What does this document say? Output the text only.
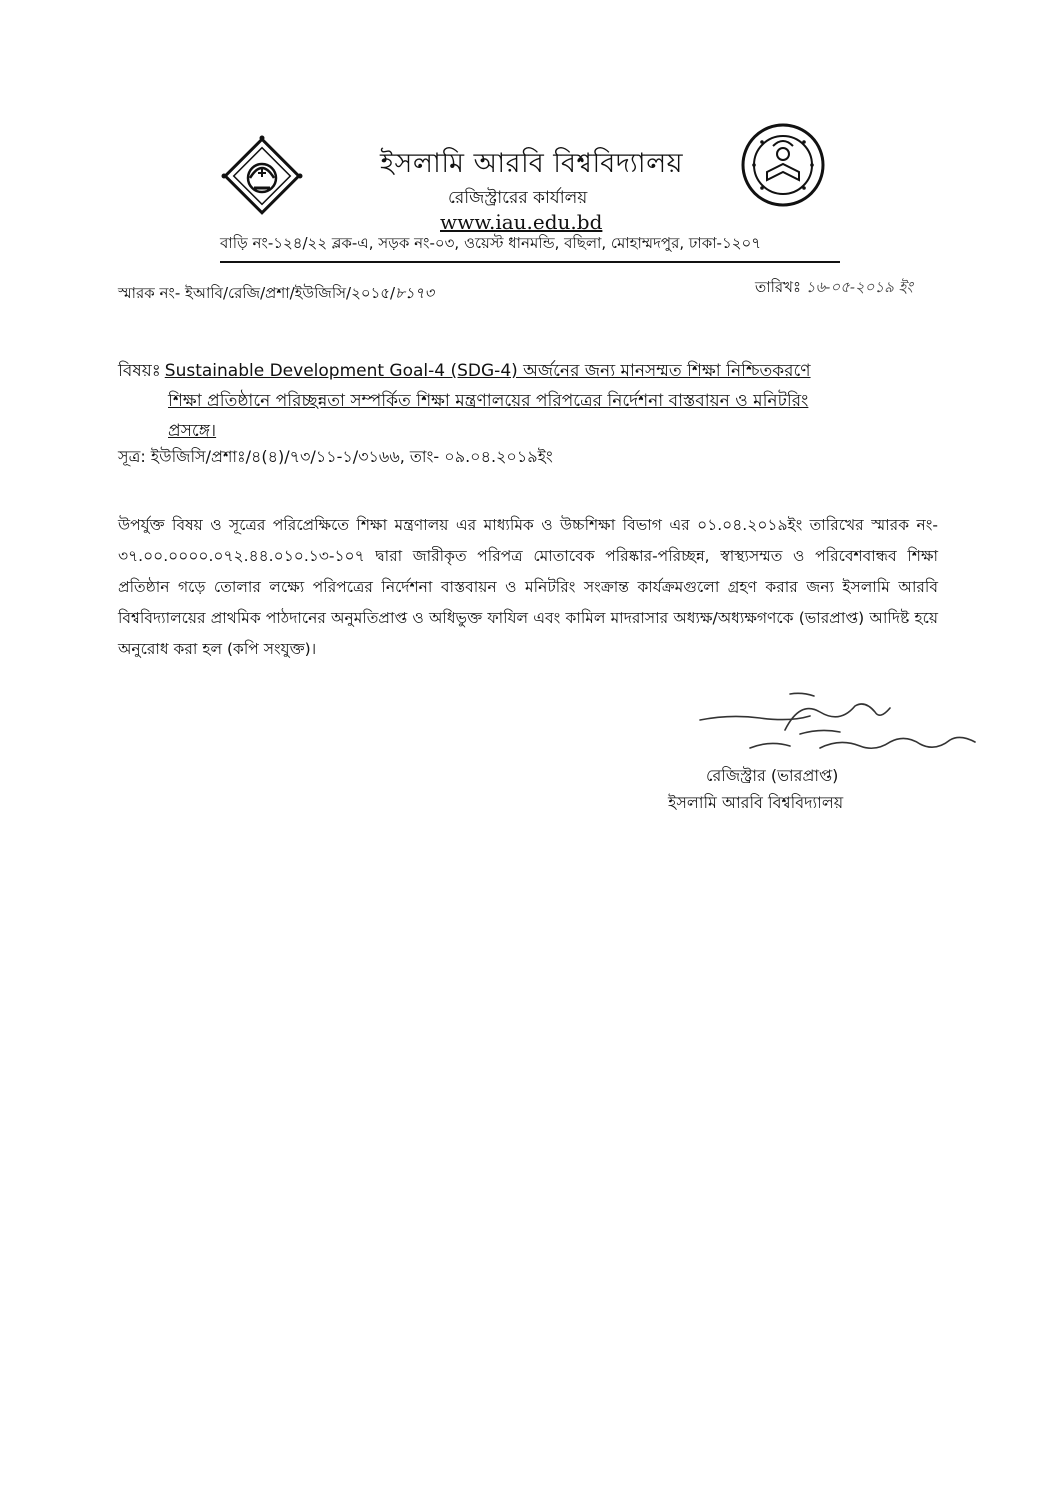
ইসলামি আরবি বিশ্ববিদ্যালয়
রেজিস্ট্রারের কার্যালয়
www.iau.edu.bd
বাড়ি নং-১২৪/২২ ব্লক-এ, সড়ক নং-০৩, ওয়েস্ট ধানমন্ডি, বছিলা, মোহাম্মদপুর, ঢাকা-১২০৭
স্মারক নং- ইআবি/রেজি/প্রশা/ইউজিসি/২০১৫/৮১৭৩	তারিখঃ ১৬-০৫-২০১৯ ইং
বিষয়ঃ Sustainable Development Goal-4 (SDG-4) অর্জনের জন্য মানসম্মত শিক্ষা নিশ্চিতকরণে
শিক্ষা প্রতিষ্ঠানে পরিচ্ছন্নতা সম্পর্কিত শিক্ষা মন্ত্রণালয়ের পরিপত্রের নির্দেশনা বাস্তবায়ন ও মনিটরিং
প্রসঙ্গে।
সূত্র: ইউজিসি/প্রশাঃ/৪(৪)/৭৩/১১-১/৩১৬৬, তাং- ০৯.০৪.২০১৯ইং
উপর্যুক্ত বিষয় ও সূত্রের পরিপ্রেক্ষিতে শিক্ষা মন্ত্রণালয় এর মাধ্যমিক ও উচ্চশিক্ষা বিভাগ এর ০১.০৪.২০১৯ইং তারিখের স্মারক নং- ৩৭.০০.০০০০.০৭২.৪৪.০১০.১৩-১০৭ দ্বারা জারীকৃত পরিপত্র মোতাবেক পরিষ্কার-পরিচ্ছন্ন, স্বাস্থ্যসম্মত ও পরিবেশবান্ধব শিক্ষা প্রতিষ্ঠান গড়ে তোলার লক্ষ্যে পরিপত্রের নির্দেশনা বাস্তবায়ন ও মনিটরিং সংক্রান্ত কার্যক্রমগুলো গ্রহণ করার জন্য ইসলামি আরবি বিশ্ববিদ্যালয়ের প্রাথমিক পাঠদানের অনুমতিপ্রাপ্ত ও অধিভুক্ত ফাযিল এবং কামিল মাদরাসার অধ্যক্ষ/অধ্যক্ষগণকে (ভারপ্রাপ্ত) আদিষ্ট হয়ে অনুরোধ করা হল (কপি সংযুক্ত)।
রেজিস্ট্রার (ভারপ্রাপ্ত)
ইসলামি আরবি বিশ্ববিদ্যালয়
